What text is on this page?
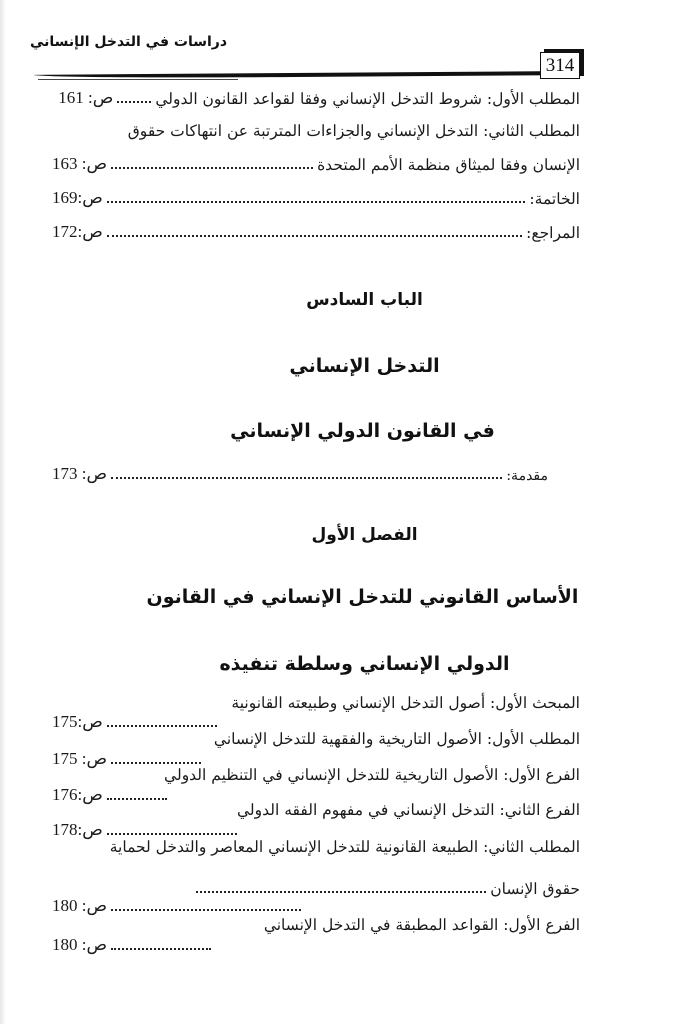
دراسات في التدخل الإنساني
314
المطلب الأول: شروط التدخل الإنساني وفقا لقواعد القانون الدولي
ص: 161
المطلب الثاني: التدخل الإنساني والجزاءات المترتبة عن انتهاكات حقوق
الإنسان وفقا لميثاق منظمة الأمم المتحدة
ص: 163
الخاتمة:
ص:169
المراجع:
ص:172
الباب السادس
التدخل الإنساني
في القانون الدولي الإنساني
مقدمة:
ص: 173
الفصل الأول
الأساس القانوني للتدخل الإنساني في القانون
الدولي الإنساني وسلطة تنفيذه
المبحث الأول: أصول التدخل الإنساني وطبيعته القانونية
ص:175
المطلب الأول: الأصول التاريخية والفقهية للتدخل الإنساني
ص: 175
الفرع الأول: الأصول التاريخية للتدخل الإنساني في التنظيم الدولي
ص:176
الفرع الثاني: التدخل الإنساني في مفهوم الفقه الدولي
ص:178
المطلب الثاني: الطبيعة القانونية للتدخل الإنساني المعاصر والتدخل لحماية
حقوق الإنسان
ص: 180
الفرع الأول: القواعد المطبقة في التدخل الإنساني
ص: 180
